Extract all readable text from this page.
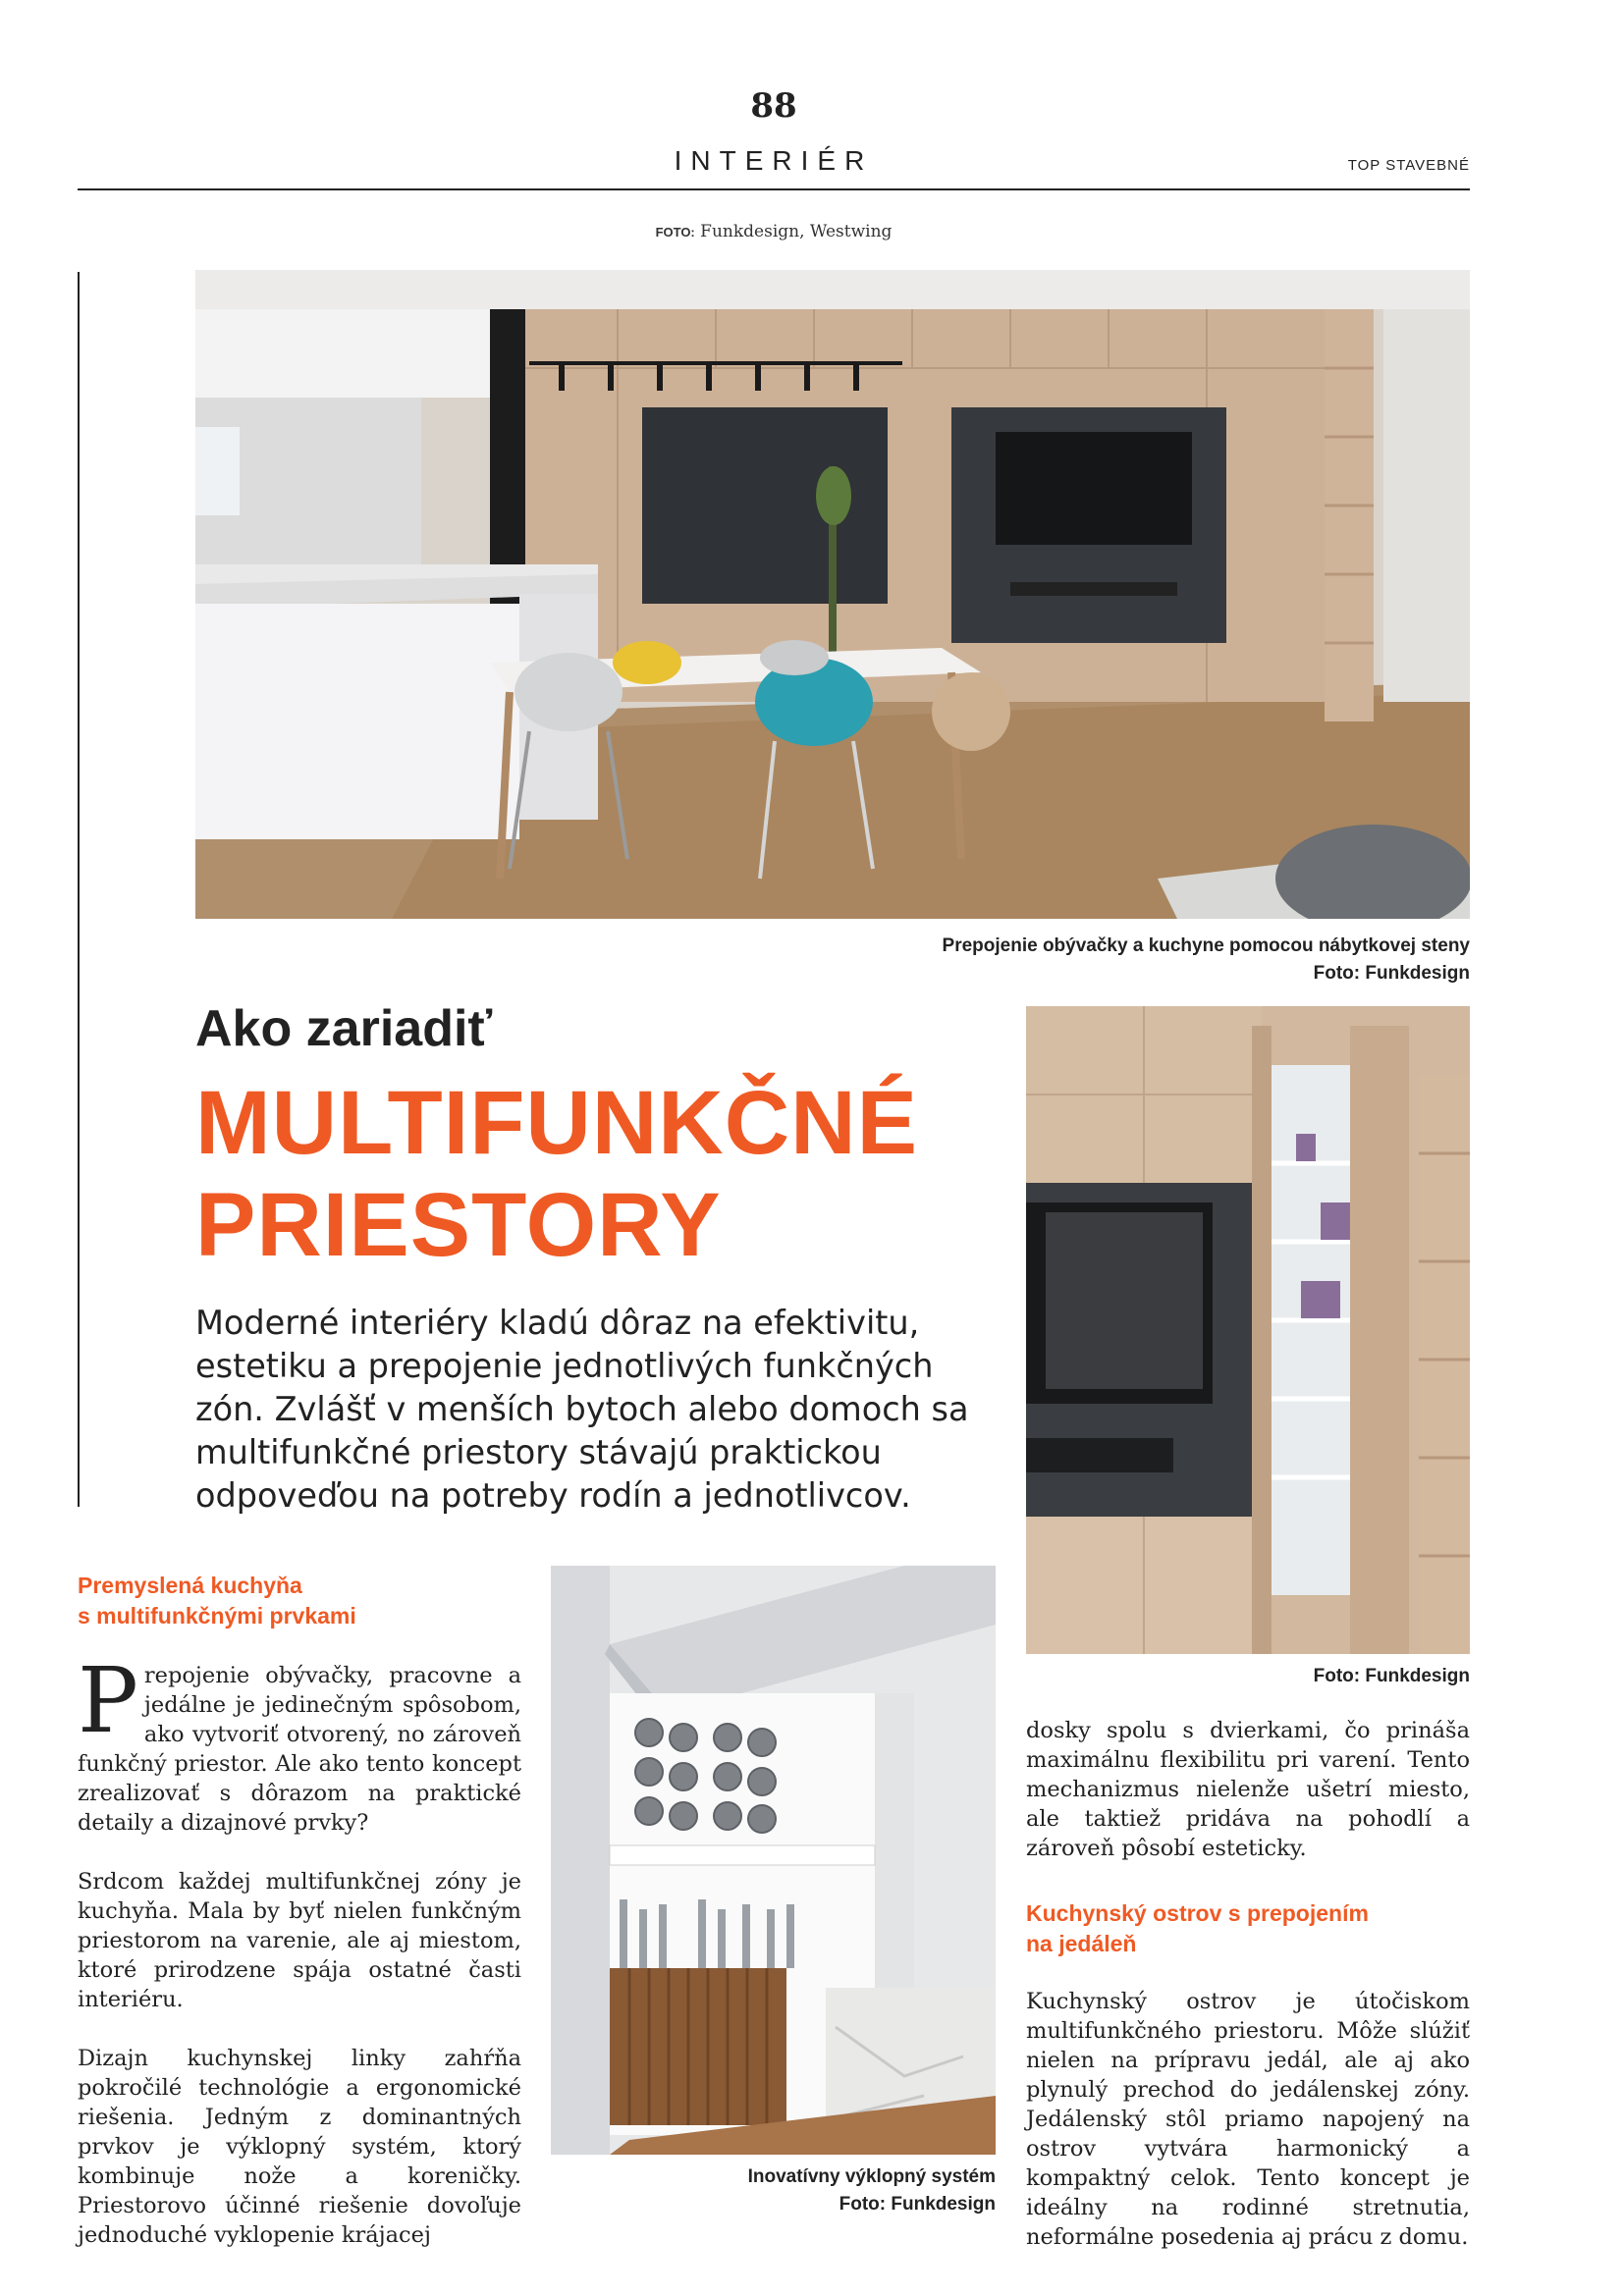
88
INTERIÉR	TOP STAVEBNÉ
FOTO: Funkdesign, Westwing
Prepojenie obývačky a kuchyne pomocou nábytkovej steny
Foto: Funkdesign
Ako zariadiť
MULTIFUNKČNÉ
PRIESTORY
Moderné interiéry kladú dôraz na efektivitu, estetiku a prepojenie jednotlivých funkčných zón. Zvlášť v menších bytoch alebo domoch sa multifunkčné priestory stávajú praktickou odpoveďou na potreby rodín a jednotlivcov.
Foto: Funkdesign
Inovatívny výklopný systém
Foto: Funkdesign
Premyslená kuchyňa
s multifunkčnými prvkami

Prepojenie obývačky, pracovne a jedálne je jedinečným spôsobom, ako vytvoriť otvorený, no zároveň funkčný priestor. Ale ako tento koncept zrealizovať s dôrazom na praktické detaily a dizajnové prvky?

Srdcom každej multifunkčnej zóny je kuchyňa. Mala by byť nielen funkčným priestorom na varenie, ale aj miestom, ktoré prirodzene spája ostatné časti interiéru.

Dizajn kuchynskej linky zahŕňa pokročilé technológie a ergonomické riešenia. Jedným z dominantných prvkov je výklopný systém, ktorý kombinuje nože a koreničky. Priestorovo účinné riešenie dovoľuje jednoduché vyklopenie krájacej

dosky spolu s dvierkami, čo prináša maximálnu flexibilitu pri varení. Tento mechanizmus nielenže ušetrí miesto, ale taktiež pridáva na pohodlí a zároveň pôsobí esteticky.

Kuchynský ostrov s prepojením
na jedáleň

Kuchynský ostrov je útočiskom multifunkčného priestoru. Môže slúžiť nielen na prípravu jedál, ale aj ako plynulý prechod do jedálenskej zóny. Jedálenský stôl priamo napojený na ostrov vytvára harmonický a kompaktný celok. Tento koncept je ideálny na rodinné stretnutia, neformálne posedenia aj prácu z domu.
